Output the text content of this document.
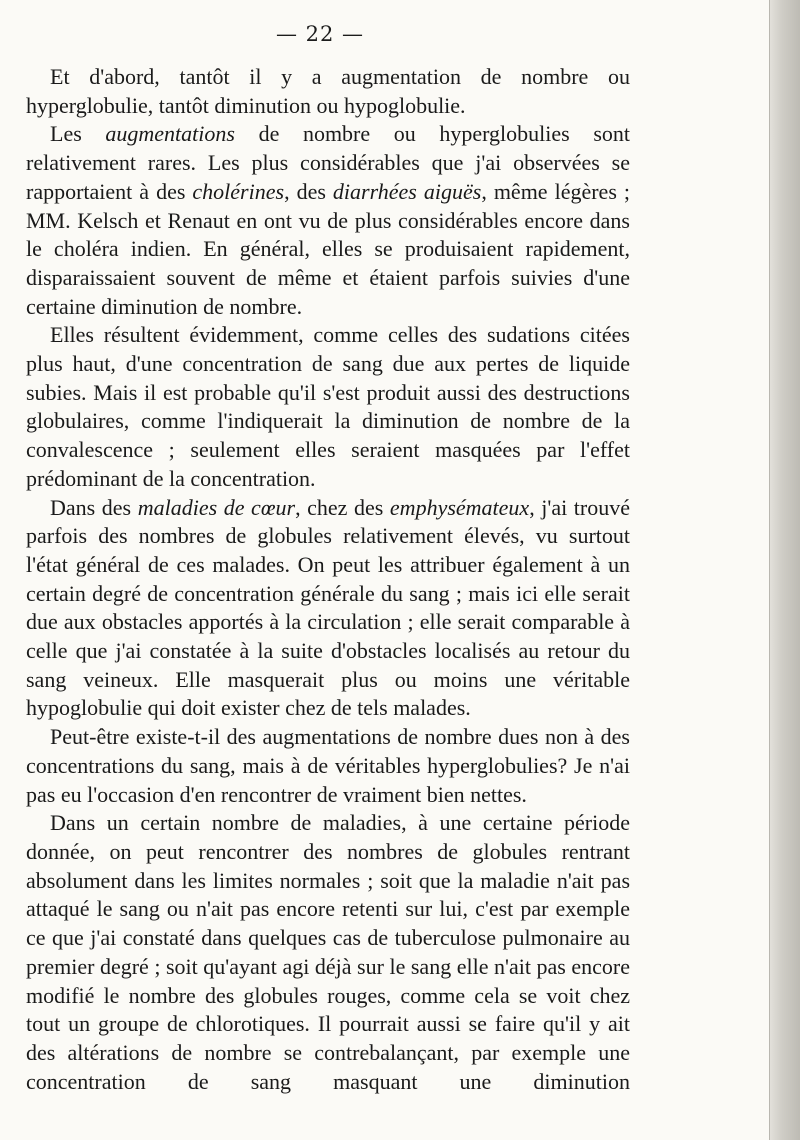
— 22 —

Et d'abord, tantôt il y a augmentation de nombre ou hyperglobulie, tantôt diminution ou hypoglobulie.

Les augmentations de nombre ou hyperglobulies sont relativement rares. Les plus considérables que j'ai observées se rapportaient à des cholérines, des diarrhées aiguës, même légères ; MM. Kelsch et Renaut en ont vu de plus considérables encore dans le choléra indien. En général, elles se produisaient rapidement, disparaissaient souvent de même et étaient parfois suivies d'une certaine diminution de nombre.

Elles résultent évidemment, comme celles des sudations citées plus haut, d'une concentration de sang due aux pertes de liquide subies. Mais il est probable qu'il s'est produit aussi des destructions globulaires, comme l'indiquerait la diminution de nombre de la convalescence ; seulement elles seraient masquées par l'effet prédominant de la concentration.

Dans des maladies de cœur, chez des emphysémateux, j'ai trouvé parfois des nombres de globules relativement élevés, vu surtout l'état général de ces malades. On peut les attribuer également à un certain degré de concentration générale du sang ; mais ici elle serait due aux obstacles apportés à la circulation ; elle serait comparable à celle que j'ai constatée à la suite d'obstacles localisés au retour du sang veineux. Elle masquerait plus ou moins une véritable hypoglobulie qui doit exister chez de tels malades.

Peut-être existe-t-il des augmentations de nombre dues non à des concentrations du sang, mais à de véritables hyperglobulies? Je n'ai pas eu l'occasion d'en rencontrer de vraiment bien nettes.

Dans un certain nombre de maladies, à une certaine période donnée, on peut rencontrer des nombres de globules rentrant absolument dans les limites normales ; soit que la maladie n'ait pas attaqué le sang ou n'ait pas encore retenti sur lui, c'est par exemple ce que j'ai constaté dans quelques cas de tuberculose pulmonaire au premier degré ; soit qu'ayant agi déjà sur le sang elle n'ait pas encore modifié le nombre des globules rouges, comme cela se voit chez tout un groupe de chlorotiques. Il pourrait aussi se faire qu'il y ait des altérations de nombre se contrebalançant, par exemple une concentration de sang masquant une diminution
